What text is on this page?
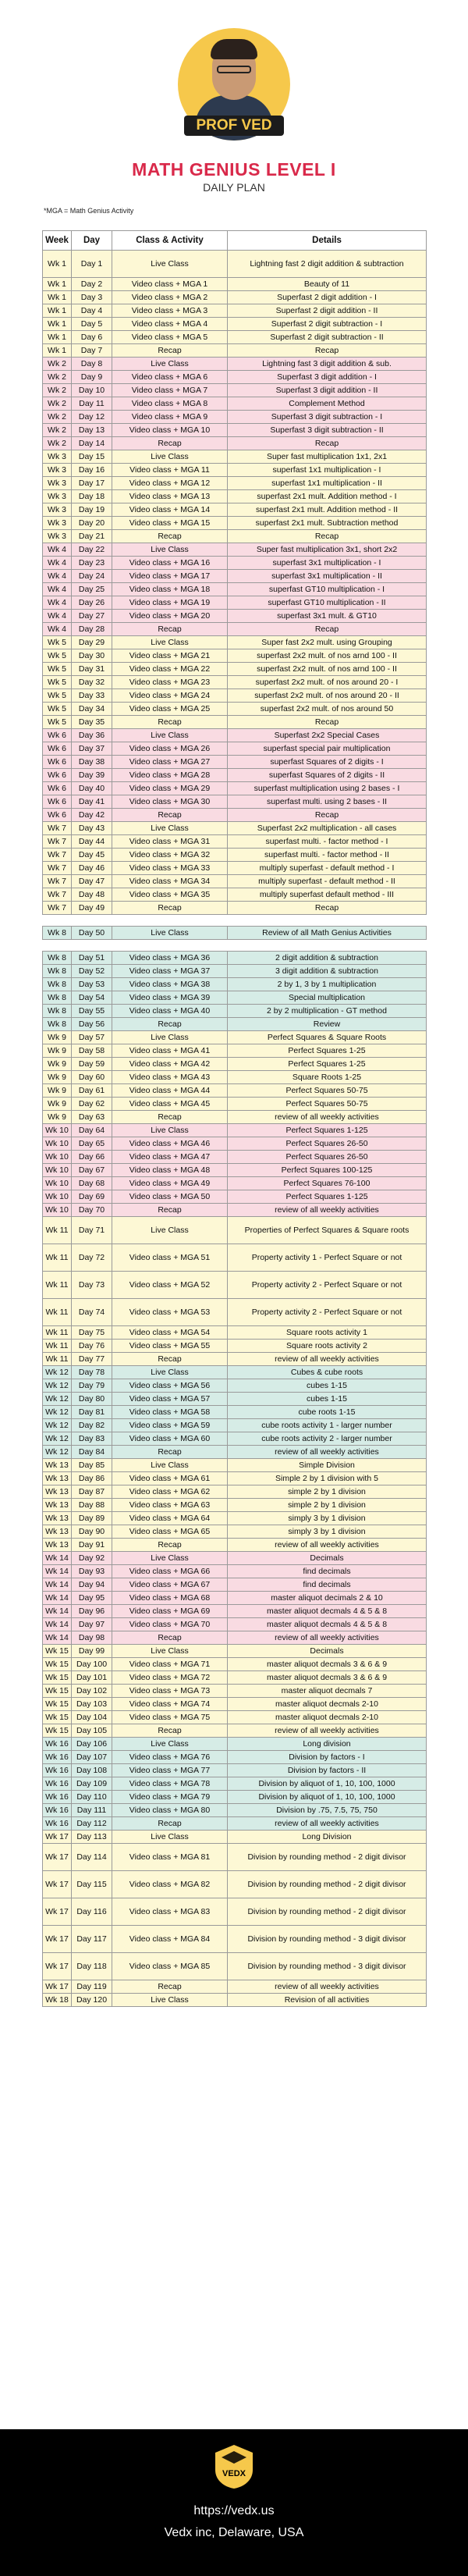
PROF VED
MATH GENIUS LEVEL I
DAILY PLAN
*MGA = Math Genius Activity
Week	Day	Class & Activity	Details
Wk 1	Day 1	Live Class	Lightning fast 2 digit addition & subtraction
Wk 1	Day 2	Video class + MGA 1	Beauty of 11
Wk 1	Day 3	Video class + MGA 2	Superfast 2 digit addition - I
Wk 1	Day 4	Video class + MGA 3	Superfast 2 digit addition - II
Wk 1	Day 5	Video class + MGA 4	Superfast 2 digit subtraction - I
Wk 1	Day 6	Video class + MGA 5	Superfast 2 digit subtraction - II
Wk 1	Day 7	Recap	Recap
Wk 2	Day 8	Live Class	Lightning fast 3 digit addition & sub.
Wk 2	Day 9	Video class + MGA 6	Superfast 3 digit addition - I
Wk 2	Day 10	Video class + MGA 7	Superfast 3 digit addition - II
Wk 2	Day 11	Video class + MGA 8	Complement Method
Wk 2	Day 12	Video class + MGA 9	Superfast 3 digit subtraction - I
Wk 2	Day 13	Video class + MGA 10	Superfast 3 digit subtraction - II
Wk 2	Day 14	Recap	Recap
Wk 3	Day 15	Live Class	Super fast multiplication 1x1, 2x1
Wk 3	Day 16	Video class + MGA 11	superfast 1x1 multiplication - I
Wk 3	Day 17	Video class + MGA 12	superfast 1x1 multiplication - II
Wk 3	Day 18	Video class + MGA 13	superfast 2x1 mult. Addition method - I
Wk 3	Day 19	Video class + MGA 14	superfast 2x1 mult. Addition method - II
Wk 3	Day 20	Video class + MGA 15	superfast 2x1 mult. Subtraction method
Wk 3	Day 21	Recap	Recap
Wk 4	Day 22	Live Class	Super fast multiplication 3x1, short 2x2
Wk 4	Day 23	Video class + MGA 16	superfast 3x1 multiplication - I
Wk 4	Day 24	Video class + MGA 17	superfast 3x1 multiplication - II
Wk 4	Day 25	Video class + MGA 18	superfast GT10 multiplication - I
Wk 4	Day 26	Video class + MGA 19	superfast GT10 multiplication - II
Wk 4	Day 27	Video class + MGA 20	superfast 3x1 mult. & GT10
Wk 4	Day 28	Recap	Recap
Wk 5	Day 29	Live Class	Super fast 2x2 mult. using Grouping
Wk 5	Day 30	Video class + MGA 21	superfast 2x2 mult. of nos arnd 100 - II
Wk 5	Day 31	Video class + MGA 22	superfast 2x2 mult. of nos arnd 100 - II
Wk 5	Day 32	Video class + MGA 23	superfast 2x2 mult. of nos around 20 - I
Wk 5	Day 33	Video class + MGA 24	superfast 2x2 mult. of nos around 20 - II
Wk 5	Day 34	Video class + MGA 25	superfast 2x2 mult. of nos around 50
Wk 5	Day 35	Recap	Recap
Wk 6	Day 36	Live Class	Superfast 2x2 Special Cases
Wk 6	Day 37	Video class + MGA 26	superfast special pair multiplication
Wk 6	Day 38	Video class + MGA 27	superfast Squares of 2 digits - I
Wk 6	Day 39	Video class + MGA 28	superfast Squares of 2 digits - II
Wk 6	Day 40	Video class + MGA 29	superfast multiplication using 2 bases - I
Wk 6	Day 41	Video class + MGA 30	superfast multi. using 2 bases - II
Wk 6	Day 42	Recap	Recap
Wk 7	Day 43	Live Class	Superfast 2x2 multiplication - all cases
Wk 7	Day 44	Video class + MGA 31	superfast multi. - factor method - I
Wk 7	Day 45	Video class + MGA 32	superfast multi. - factor method - II
Wk 7	Day 46	Video class + MGA 33	multiply superfast - default method - I
Wk 7	Day 47	Video class + MGA 34	multiply superfast - default method - II
Wk 7	Day 48	Video class + MGA 35	multiply superfast default method - III
Wk 7	Day 49	Recap	Recap

Wk 8	Day 50	Live Class	Review of all Math Genius Activities

Wk 8	Day 51	Video class + MGA 36	2 digit addition & subtraction
Wk 8	Day 52	Video class + MGA 37	3 digit addition & subtraction
Wk 8	Day 53	Video class + MGA 38	2 by 1, 3 by 1 multiplication
Wk 8	Day 54	Video class + MGA 39	Special multiplication
Wk 8	Day 55	Video class + MGA 40	2 by 2 multiplication - GT method
Wk 8	Day 56	Recap	Review
Wk 9	Day 57	Live Class	Perfect Squares & Square Roots
Wk 9	Day 58	Video class + MGA 41	Perfect Squares 1-25
Wk 9	Day 59	Video class + MGA 42	Perfect Squares 1-25
Wk 9	Day 60	Video class + MGA 43	Square Roots 1-25
Wk 9	Day 61	Video class + MGA 44	Perfect Squares 50-75
Wk 9	Day 62	Video class + MGA 45	Perfect Squares 50-75
Wk 9	Day 63	Recap	review of all weekly activities
Wk 10	Day 64	Live Class	Perfect Squares 1-125
Wk 10	Day 65	Video class + MGA 46	Perfect Squares 26-50
Wk 10	Day 66	Video class + MGA 47	Perfect Squares 26-50
Wk 10	Day 67	Video class + MGA 48	Perfect Squares 100-125
Wk 10	Day 68	Video class + MGA 49	Perfect Squares 76-100
Wk 10	Day 69	Video class + MGA 50	Perfect Squares 1-125
Wk 10	Day 70	Recap	review of all weekly activities
Wk 11	Day 71	Live Class	Properties of Perfect Squares & Square roots
Wk 11	Day 72	Video class + MGA 51	Property activity 1 - Perfect Square or not
Wk 11	Day 73	Video class + MGA 52	Property activity 2 - Perfect Square or not
Wk 11	Day 74	Video class + MGA 53	Property activity 2 - Perfect Square or not
Wk 11	Day 75	Video class + MGA 54	Square roots activity 1
Wk 11	Day 76	Video class + MGA 55	Square roots activity 2
Wk 11	Day 77	Recap	review of all weekly activities
Wk 12	Day 78	Live Class	Cubes & cube roots
Wk 12	Day 79	Video class + MGA 56	cubes 1-15
Wk 12	Day 80	Video class + MGA 57	cubes 1-15
Wk 12	Day 81	Video class + MGA 58	cube roots 1-15
Wk 12	Day 82	Video class + MGA 59	cube roots activity 1 - larger number
Wk 12	Day 83	Video class + MGA 60	cube roots activity 2 - larger number
Wk 12	Day 84	Recap	review of all weekly activities
Wk 13	Day 85	Live Class	Simple Division
Wk 13	Day 86	Video class + MGA 61	Simple 2 by 1 division with 5
Wk 13	Day 87	Video class + MGA 62	simple 2 by 1 division
Wk 13	Day 88	Video class + MGA 63	simple 2 by 1 division
Wk 13	Day 89	Video class + MGA 64	simply 3 by 1 division
Wk 13	Day 90	Video class + MGA 65	simply 3 by 1 division
Wk 13	Day 91	Recap	review of all weekly activities
Wk 14	Day 92	Live Class	Decimals
Wk 14	Day 93	Video class + MGA 66	find decimals
Wk 14	Day 94	Video class + MGA 67	find decimals
Wk 14	Day 95	Video class + MGA 68	master aliquot decimals 2 & 10
Wk 14	Day 96	Video class + MGA 69	master aliquot decmals 4 & 5 & 8
Wk 14	Day 97	Video class + MGA 70	master aliquot decmals 4 & 5 & 8
Wk 14	Day 98	Recap	review of all weekly activities
Wk 15	Day 99	Live Class	Decimals
Wk 15	Day 100	Video class + MGA 71	master aliquot decmals 3 & 6 & 9
Wk 15	Day 101	Video class + MGA 72	master aliquot decmals 3 & 6 & 9
Wk 15	Day 102	Video class + MGA 73	master aliquot decmals 7
Wk 15	Day 103	Video class + MGA 74	master aliquot decmals 2-10
Wk 15	Day 104	Video class + MGA 75	master aliquot decmals 2-10
Wk 15	Day 105	Recap	review of all weekly activities
Wk 16	Day 106	Live Class	Long division
Wk 16	Day 107	Video class + MGA 76	Division by factors - I
Wk 16	Day 108	Video class + MGA 77	Division by factors - II
Wk 16	Day 109	Video class + MGA 78	Division by aliquot of 1, 10, 100, 1000
Wk 16	Day 110	Video class + MGA 79	Division by aliquot of 1, 10, 100, 1000
Wk 16	Day 111	Video class + MGA 80	Division by .75, 7.5, 75, 750
Wk 16	Day 112	Recap	review of all weekly activities
Wk 17	Day 113	Live Class	Long Division
Wk 17	Day 114	Video class + MGA 81	Division by rounding method - 2 digit divisor
Wk 17	Day 115	Video class + MGA 82	Division by rounding method - 2 digit divisor
Wk 17	Day 116	Video class + MGA 83	Division by rounding method - 2 digit divisor
Wk 17	Day 117	Video class + MGA 84	Division by rounding method - 3 digit divisor
Wk 17	Day 118	Video class + MGA 85	Division by rounding method - 3 digit divisor
Wk 17	Day 119	Recap	review of all weekly activities
Wk 18	Day 120	Live Class	Revision of all activities
VEDX
https://vedx.us
Vedx inc, Delaware, USA
